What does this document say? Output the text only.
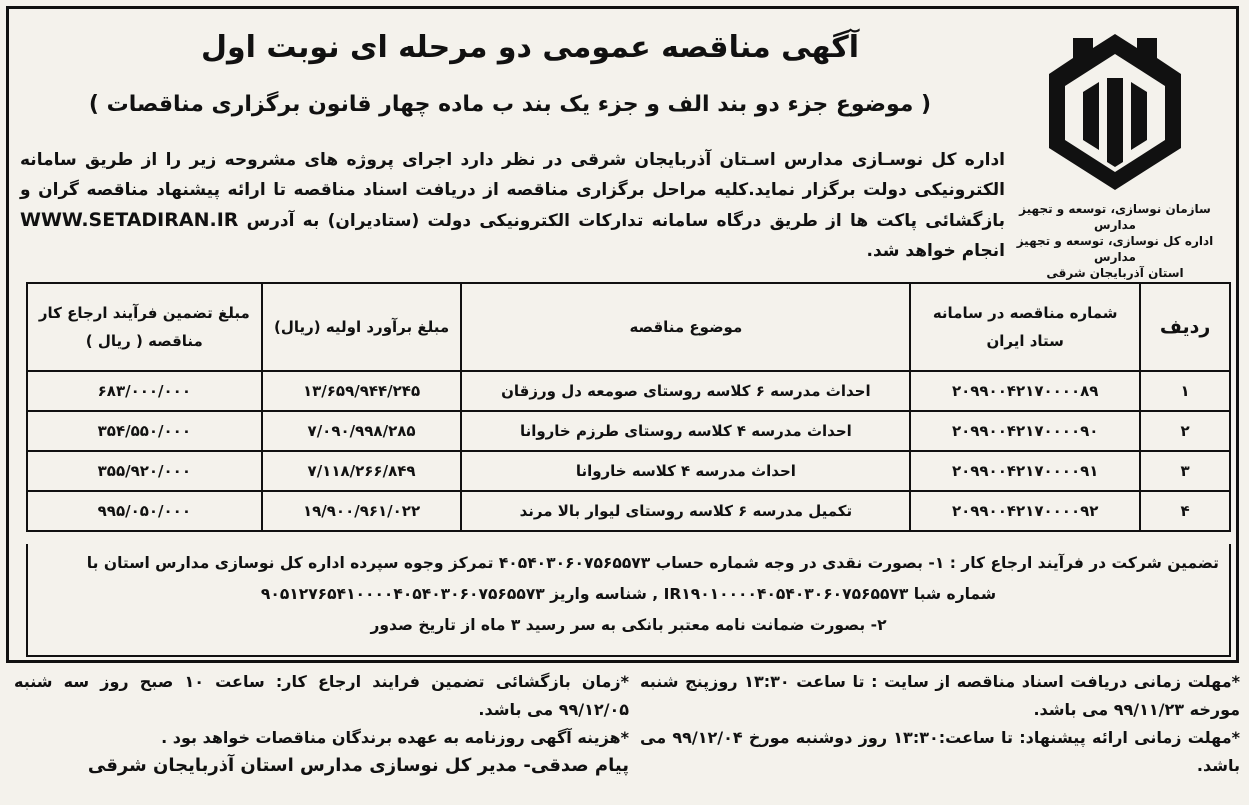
سازمان نوسازی، توسعه و تجهیز مدارس
اداره کل نوسازی، توسعه و تجهیز مدارس
استان آذربایجان شرقی
آگهی مناقصه عمومی دو مرحله ای نوبت اول
( موضوع جزء دو بند الف و جزء یک بند ب ماده چهار قانون برگزاری مناقصات )
اداره کل نوسـازی مدارس اسـتان آذربایجان شرقی در نظر دارد اجرای پروژه های مشروحه زیر را از طریق سامانه الکترونیکی دولت برگزار نماید.کلیه مراحل برگزاری مناقصه از دریافت اسناد مناقصه تا ارائه پیشنهاد مناقصه گران و بازگشائی پاکت ها از طریق درگاه سامانه تدارکات الکترونیکی دولت (ستادیران) به آدرس WWW.SETADIRAN.IR انجام خواهد شد.
ردیف	شماره مناقصه در سامانه ستاد ایران	موضوع مناقصه	مبلغ برآورد اولیه (ریال)	مبلغ تضمین فرآیند ارجاع کار مناقصه ( ریال )
۱	۲۰۹۹۰۰۴۲۱۷۰۰۰۰۸۹	احداث مدرسه ۶ کلاسه روستای صومعه دل ورزقان	۱۳/۶۵۹/۹۴۴/۲۴۵	۶۸۳/۰۰۰/۰۰۰
۲	۲۰۹۹۰۰۴۲۱۷۰۰۰۰۹۰	احداث مدرسه ۴ کلاسه روستای طرزم خاروانا	۷/۰۹۰/۹۹۸/۲۸۵	۳۵۴/۵۵۰/۰۰۰
۳	۲۰۹۹۰۰۴۲۱۷۰۰۰۰۹۱	احداث مدرسه ۴ کلاسه خاروانا	۷/۱۱۸/۲۶۶/۸۴۹	۳۵۵/۹۲۰/۰۰۰
۴	۲۰۹۹۰۰۴۲۱۷۰۰۰۰۹۲	تکمیل مدرسه ۶ کلاسه روستای لیوار بالا مرند	۱۹/۹۰۰/۹۶۱/۰۲۲	۹۹۵/۰۵۰/۰۰۰
تضمین شرکت در فرآیند ارجاع کار : ۱- بصورت نقدی در وجه شماره حساب ۴۰۵۴۰۳۰۶۰۷۵۶۵۵۷۳ تمرکز وجوه سپرده اداره کل نوسازی مدارس استان با
شماره شبا IR۱۹۰۱۰۰۰۰۴۰۵۴۰۳۰۶۰۷۵۶۵۵۷۳ , شناسه واریز ۹۰۵۱۲۷۶۵۴۱۰۰۰۰۴۰۵۴۰۳۰۶۰۷۵۶۵۵۷۳
۲- بصورت ضمانت نامه معتبر بانکی به سر رسید ۳ ماه از تاریخ صدور
*مهلت زمانی دریافت اسناد مناقصه از سایت : تا ساعت ۱۳:۳۰ روزپنج شنبه مورخه ۹۹/۱۱/۲۳ می باشد.
*مهلت زمانی ارائه پیشنهاد: تا ساعت:۱۳:۳۰ روز دوشنبه مورخ ۹۹/۱۲/۰۴ می باشد.
*زمان بازگشائی تضمین فرایند ارجاع کار: ساعت ۱۰ صبح روز سه شنبه ۹۹/۱۲/۰۵ می باشد.
*هزینه آگهی روزنامه به عهده برندگان مناقصات خواهد بود .
پیام صدقی- مدیر کل نوسازی مدارس استان آذربایجان شرقی
